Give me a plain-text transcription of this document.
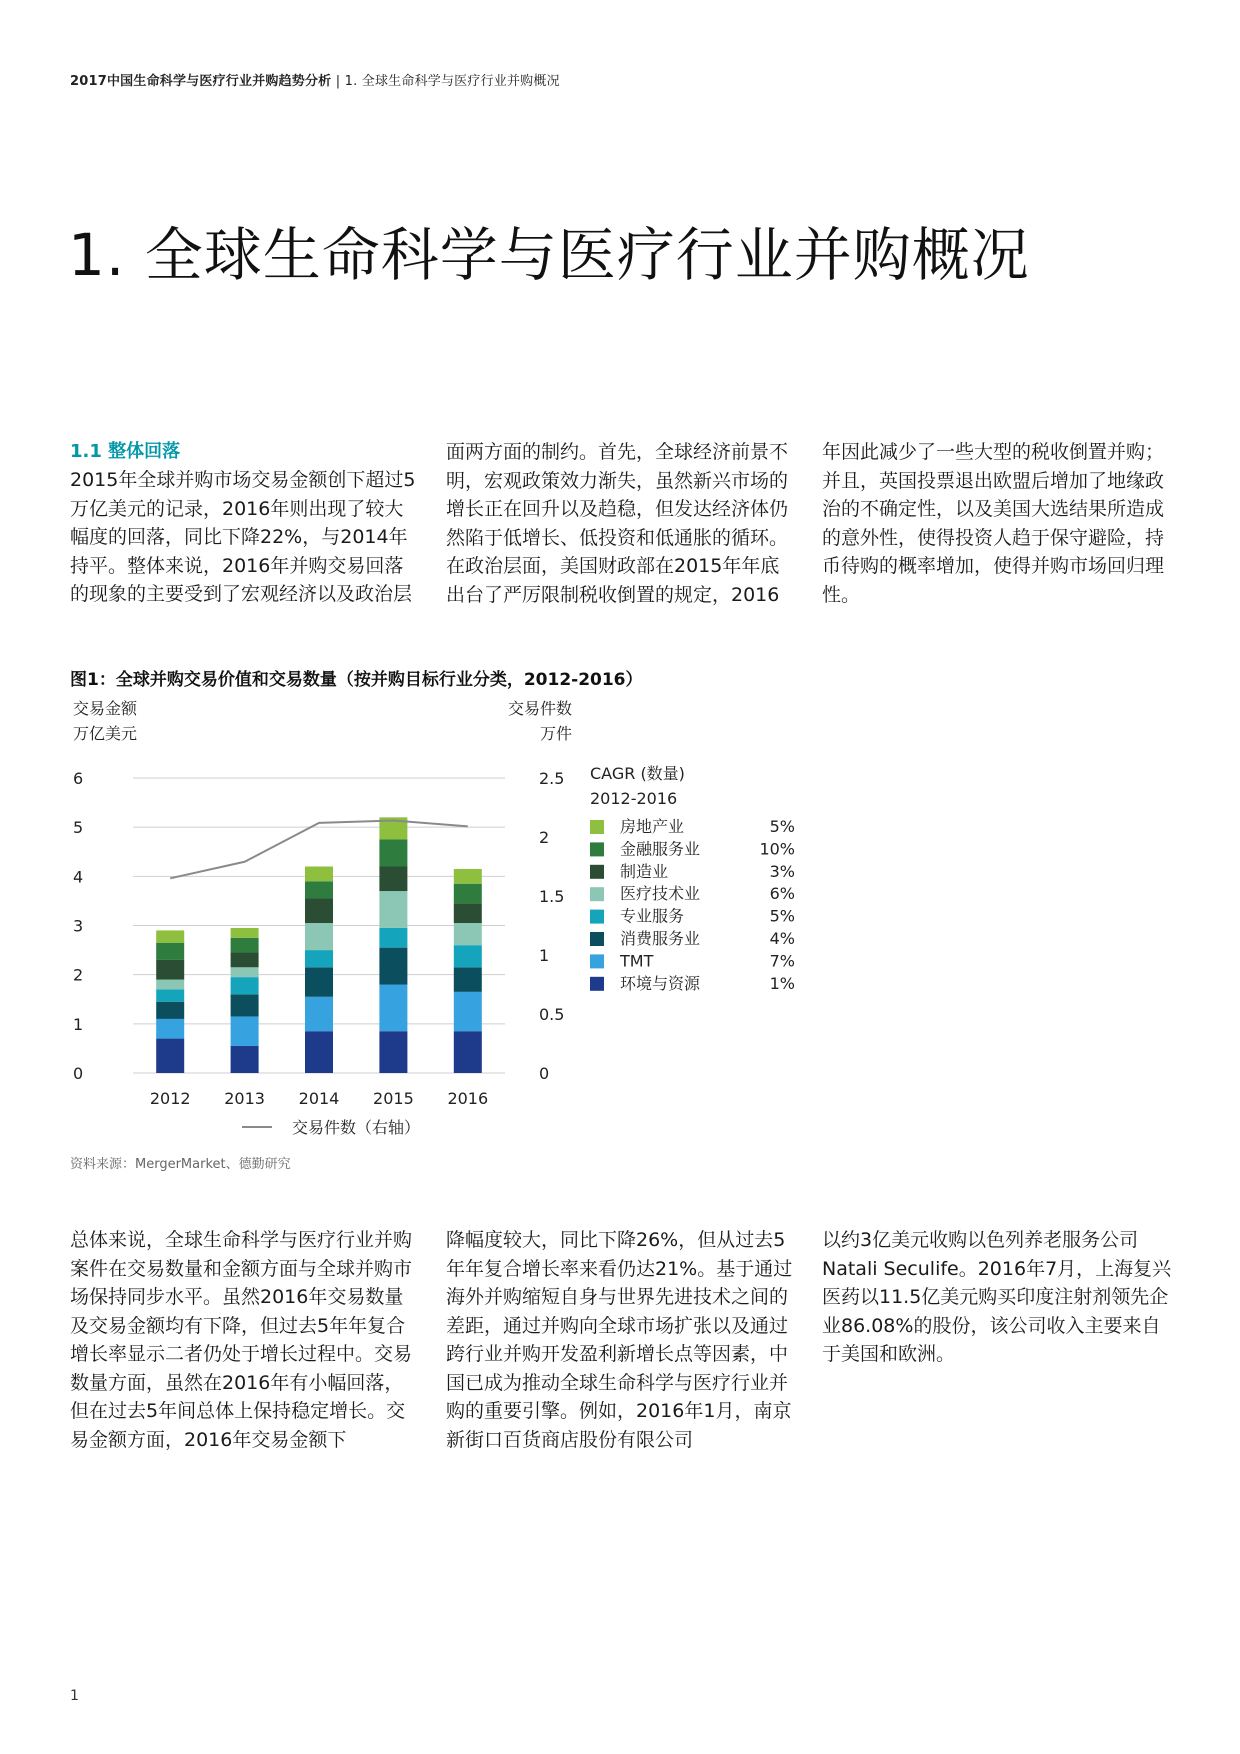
2017中国生命科学与医疗行业并购趋势分析 | 1. 全球生命科学与医疗行业并购概况
1. 全球生命科学与医疗行业并购概况
1.1 整体回落

2015年全球并购市场交易金额创下超过5万亿美元的记录，2016年则出现了较大幅度的回落，同比下降22%，与2014年持平。整体来说，2016年并购交易回落的现象的主要受到了宏观经济以及政治层

面两方面的制约。首先，全球经济前景不明，宏观政策效力渐失，虽然新兴市场的增长正在回升以及趋稳，但发达经济体仍然陷于低增长、低投资和低通胀的循环。在政治层面，美国财政部在2015年年底出台了严厉限制税收倒置的规定，2016

年因此减少了一些大型的税收倒置并购；并且，英国投票退出欧盟后增加了地缘政治的不确定性，以及美国大选结果所造成的意外性，使得投资人趋于保守避险，持币待购的概率增加，使得并购市场回归理性。

图1：全球并购交易价值和交易数量（按并购目标行业分类，2012-2016）
0
1
2
3
4
5
6
0
0.5
1
1.5
2
2.5
2012 2013 2014 2015 2016
交易金额
万亿美元
交易件数
万件
CAGR (数量)
2012-2016
房地产业	5%
金融服务业	10%
制造业	3%
医疗技术业	6%
专业服务	5%
消费服务业	4%
TMT	7%
环境与资源	1%
交易件数（右轴）
资料来源：MergerMarket、德勤研究

总体来说，全球生命科学与医疗行业并购案件在交易数量和金额方面与全球并购市场保持同步水平。虽然2016年交易数量及交易金额均有下降，但过去5年年复合增长率显示二者仍处于增长过程中。交易数量方面，虽然在2016年有小幅回落，但在过去5年间总体上保持稳定增长。交易金额方面，2016年交易金额下

降幅度较大，同比下降26%，但从过去5年年复合增长率来看仍达21%。基于通过海外并购缩短自身与世界先进技术之间的差距，通过并购向全球市场扩张以及通过跨行业并购开发盈利新增长点等因素，中国已成为推动全球生命科学与医疗行业并购的重要引擎。例如，2016年1月，南京新街口百货商店股份有限公司

以约3亿美元收购以色列养老服务公司Natali Seculife。2016年7月，上海复兴医药以11.5亿美元购买印度注射剂领先企业86.08%的股份，该公司收入主要来自于美国和欧洲。

1
